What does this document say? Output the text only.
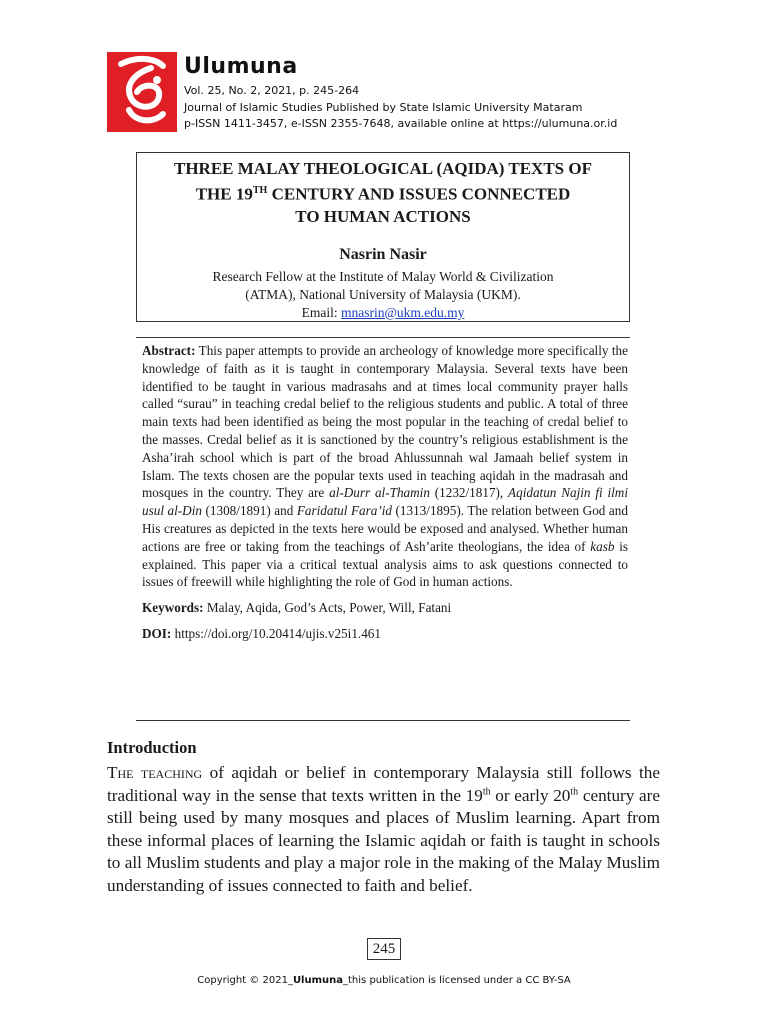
Ulumuna
Vol. 25, No. 2, 2021, p. 245-264
Journal of Islamic Studies Published by State Islamic University Mataram
p-ISSN 1411-3457, e-ISSN 2355-7648, available online at https://ulumuna.or.id
THREE MALAY THEOLOGICAL (AQIDA) TEXTS OF
THE 19TH CENTURY AND ISSUES CONNECTED
TO HUMAN ACTIONS
Nasrin Nasir
Research Fellow at the Institute of Malay World & Civilization
(ATMA), National University of Malaysia (UKM).
Email: mnasrin@ukm.edu.my

Abstract: This paper attempts to provide an archeology of knowledge more specifically the knowledge of faith as it is taught in contemporary Malaysia. Several texts have been identified to be taught in various madrasahs and at times local community prayer halls called “surau” in teaching credal belief to the religious students and public. A total of three main texts had been identified as being the most popular in the teaching of credal belief to the masses. Credal belief as it is sanctioned by the country’s religious establishment is the Asha’irah school which is part of the broad Ahlussunnah wal Jamaah belief system in Islam. The texts chosen are the popular texts used in teaching aqidah in the madrasah and mosques in the country. They are al-Durr al-Thamin (1232/1817), Aqidatun Najin fi ilmi usul al-Din (1308/1891) and Faridatul Fara’id (1313/1895). The relation between God and His creatures as depicted in the texts here would be exposed and analysed. Whether human actions are free or taking from the teachings of Ash’arite theologians, the idea of kasb is explained. This paper via a critical textual analysis aims to ask questions connected to issues of freewill while highlighting the role of God in human actions.

Keywords: Malay, Aqida, God’s Acts, Power, Will, Fatani

DOI: https://doi.org/10.20414/ujis.v25i1.461

Introduction

The teaching of aqidah or belief in contemporary Malaysia still follows the traditional way in the sense that texts written in the 19th or early 20th century are still being used by many mosques and places of Muslim learning. Apart from these informal places of learning the Islamic aqidah or faith is taught in schools to all Muslim students and play a major role in the making of the Malay Muslim understanding of issues connected to faith and belief.

245
Copyright © 2021_Ulumuna_this publication is licensed under a CC BY-SA
